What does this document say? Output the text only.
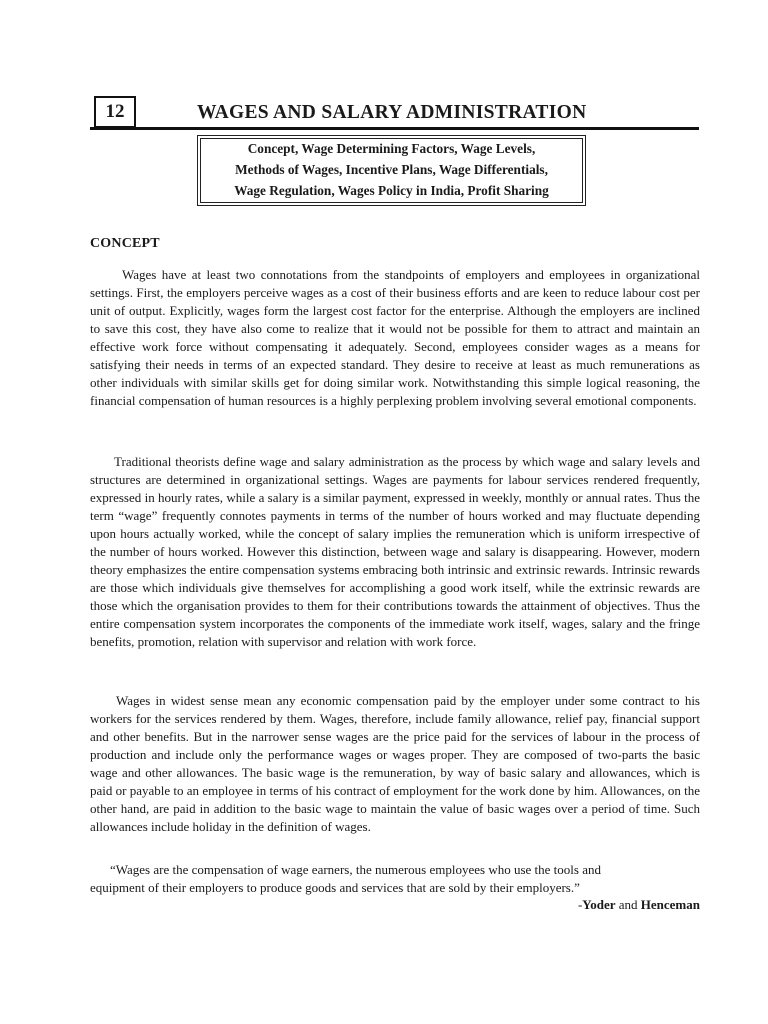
12	WAGES AND SALARY ADMINISTRATION
Concept, Wage Determining Factors, Wage Levels,
Methods of Wages, Incentive Plans, Wage Differentials,
Wage Regulation, Wages Policy in India, Profit Sharing
CONCEPT

Wages have at least two connotations from the standpoints of employers and employees in organizational settings. First, the employers perceive wages as a cost of their business efforts and are keen to reduce labour cost per unit of output. Explicitly, wages form the largest cost factor for the enterprise. Although the employers are inclined to save this cost, they have also come to realize that it would not be possible for them to attract and maintain an effective work force without compensating it adequately. Second, employees consider wages as a means for satisfying their needs in terms of an expected standard. They desire to receive at least as much remunerations as other individuals with similar skills get for doing similar work. Notwithstanding this simple logical reasoning, the financial compensation of human resources is a highly perplexing problem involving several emotional components.

Traditional theorists define wage and salary administration as the process by which wage and salary levels and structures are determined in organizational settings. Wages are payments for labour services rendered frequently, expressed in hourly rates, while a salary is a similar payment, expressed in weekly, monthly or annual rates. Thus the term “wage” frequently connotes payments in terms of the number of hours worked and may fluctuate depending upon hours actually worked, while the concept of salary implies the remuneration which is uniform irrespective of the number of hours worked. However this distinction, between wage and salary is disappearing. However, modern theory emphasizes the entire compensation systems embracing both intrinsic and extrinsic rewards. Intrinsic rewards are those which individuals give themselves for accomplishing a good work itself, while the extrinsic rewards are those which the organisation provides to them for their contributions towards the attainment of objectives. Thus the entire compensation system incorporates the components of the immediate work itself, wages, salary and the fringe benefits, promotion, relation with supervisor and relation with work force.

Wages in widest sense mean any economic compensation paid by the employer under some contract to his workers for the services rendered by them. Wages, therefore, include family allowance, relief pay, financial support and other benefits. But in the narrower sense wages are the price paid for the services of labour in the process of production and include only the performance wages or wages proper. They are composed of two-parts the basic wage and other allowances. The basic wage is the remuneration, by way of basic salary and allowances, which is paid or payable to an employee in terms of his contract of employment for the work done by him. Allowances, on the other hand, are paid in addition to the basic wage to maintain the value of basic wages over a period of time. Such allowances include holiday in the definition of wages.

“Wages are the compensation of wage earners, the numerous employees who use the tools and
equipment of their employers to produce goods and services that are sold by their employers.”
-Yoder and Henceman
